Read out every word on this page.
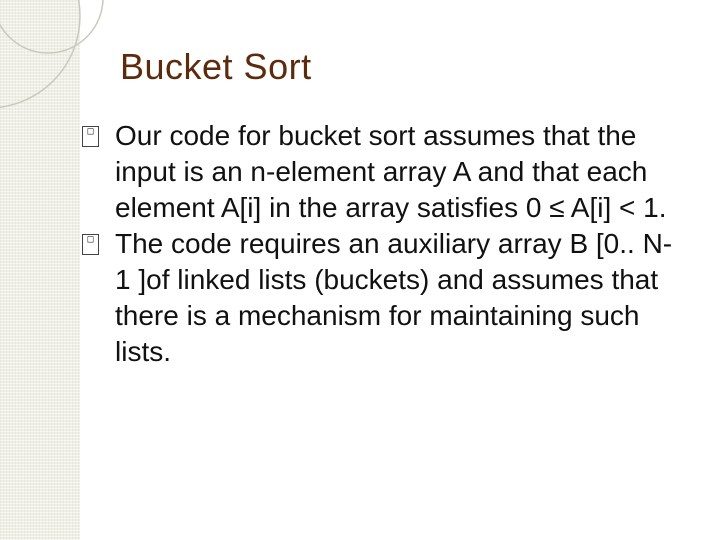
Bucket Sort
□ Our code for bucket sort assumes that the input is an n-element array A and that each element A[i] in the array satisfies 0 ≤ A[i] < 1.
□ The code requires an auxiliary array B [0.. N-1 ]of linked lists (buckets) and assumes that there is a mechanism for maintaining such lists.
